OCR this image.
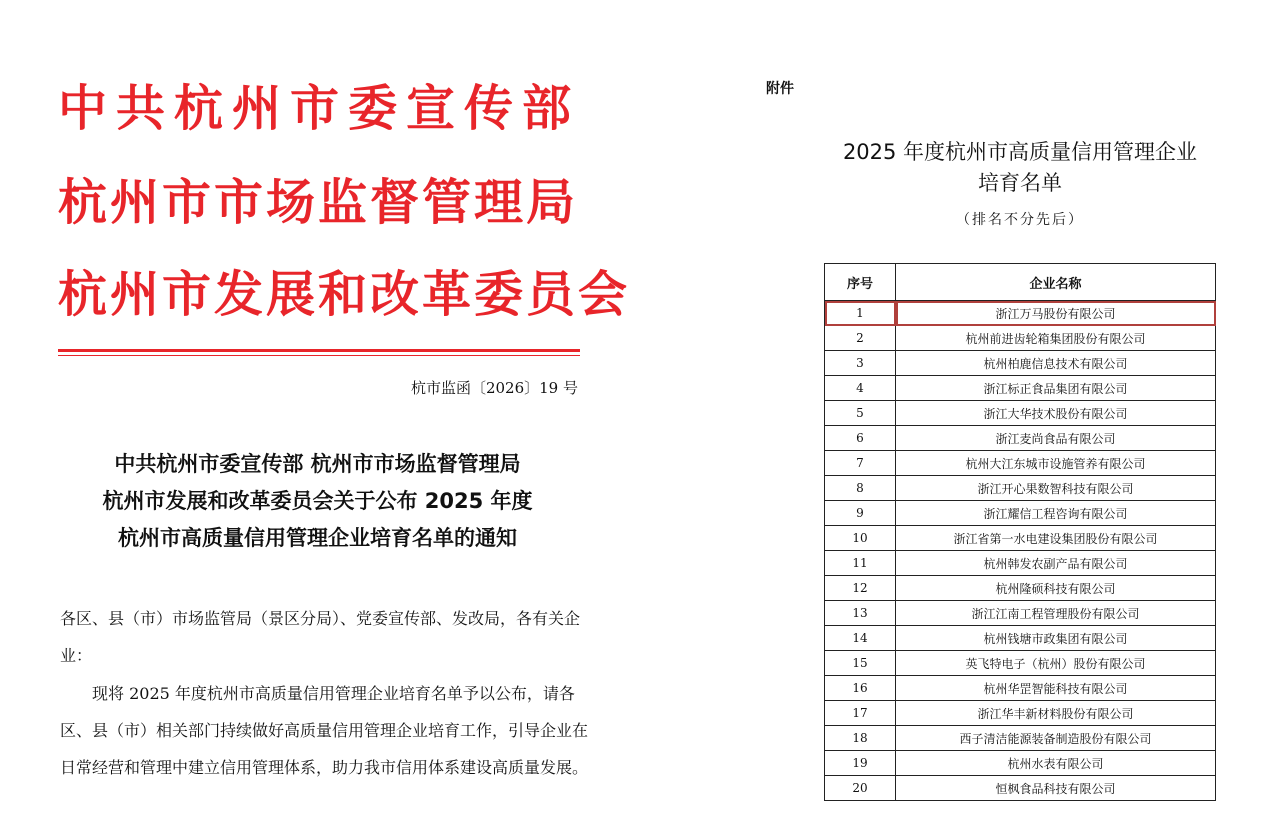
中共杭州市委宣传部
杭州市市场监督管理局
杭州市发展和改革委员会
杭市监函〔2026〕19 号
中共杭州市委宣传部 杭州市市场监督管理局
杭州市发展和改革委员会关于公布 2025 年度
杭州市高质量信用管理企业培育名单的通知
各区、县（市）市场监管局（景区分局）、党委宣传部、发改局，各有关企业：
现将 2025 年度杭州市高质量信用管理企业培育名单予以公布，请各区、县（市）相关部门持续做好高质量信用管理企业培育工作，引导企业在日常经营和管理中建立信用管理体系，助力我市信用体系建设高质量发展。
附件
2025 年度杭州市高质量信用管理企业
培育名单
（排名不分先后）
序号	企业名称
1	浙江万马股份有限公司
2	杭州前进齿轮箱集团股份有限公司
3	杭州柏鹿信息技术有限公司
4	浙江标正食品集团有限公司
5	浙江大华技术股份有限公司
6	浙江麦尚食品有限公司
7	杭州大江东城市设施管养有限公司
8	浙江开心果数智科技有限公司
9	浙江耀信工程咨询有限公司
10	浙江省第一水电建设集团股份有限公司
11	杭州韩发农副产品有限公司
12	杭州隆硕科技有限公司
13	浙江江南工程管理股份有限公司
14	杭州钱塘市政集团有限公司
15	英飞特电子（杭州）股份有限公司
16	杭州华罡智能科技有限公司
17	浙江华丰新材料股份有限公司
18	西子清洁能源装备制造股份有限公司
19	杭州水表有限公司
20	恒枫食品科技有限公司
